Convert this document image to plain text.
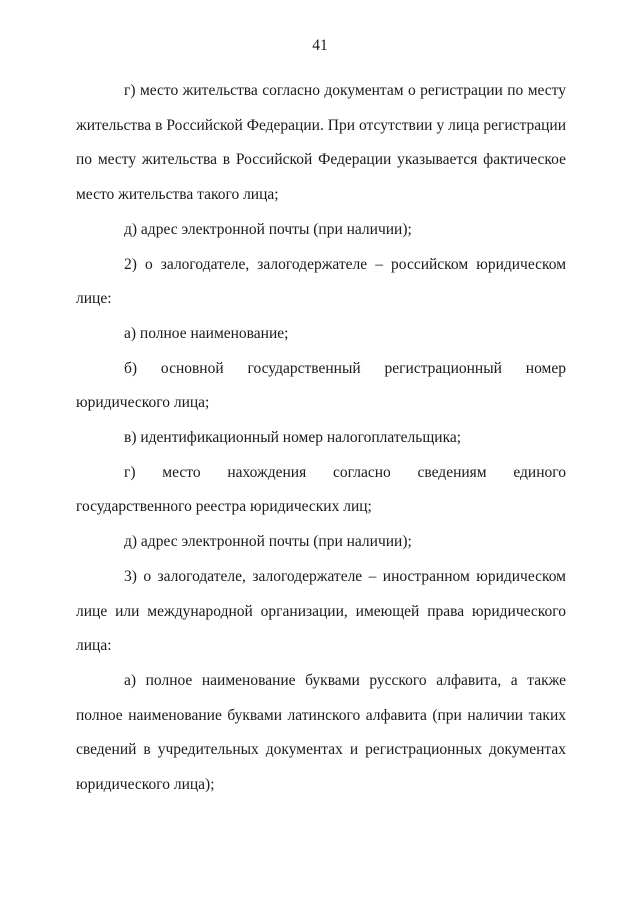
41

г) место жительства согласно документам о регистрации по месту жительства в Российской Федерации. При отсутствии у лица регистрации по месту жительства в Российской Федерации указывается фактическое место жительства такого лица;

д) адрес электронной почты (при наличии);

2) о залогодателе, залогодержателе – российском юридическом лице:

а) полное наименование;

б) основной государственный регистрационный номер юридического лица;

в) идентификационный номер налогоплательщика;

г) место нахождения согласно сведениям единого государственного реестра юридических лиц;

д) адрес электронной почты (при наличии);

3) о залогодателе, залогодержателе – иностранном юридическом лице или международной организации, имеющей права юридического лица:

а) полное наименование буквами русского алфавита, а также полное наименование буквами латинского алфавита (при наличии таких сведений в учредительных документах и регистрационных документах юридического лица);
